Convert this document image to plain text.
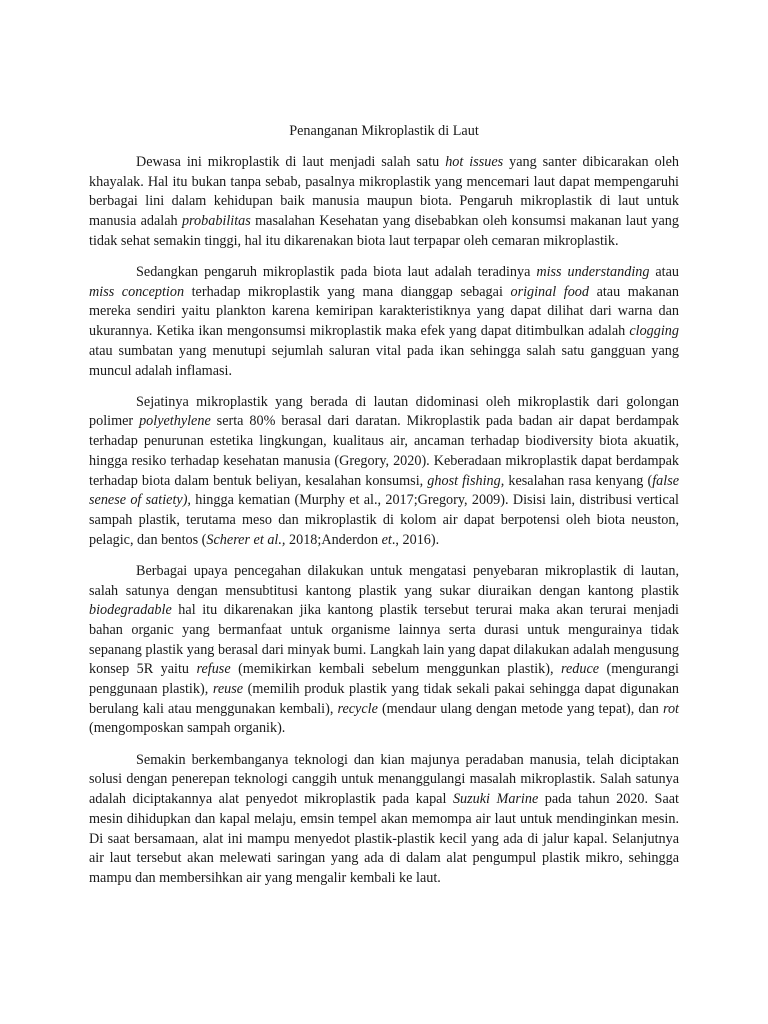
Penanganan Mikroplastik di Laut

Dewasa ini mikroplastik di laut menjadi salah satu hot issues yang santer dibicarakan oleh khayalak. Hal itu bukan tanpa sebab, pasalnya mikroplastik yang mencemari laut dapat mempengaruhi berbagai lini dalam kehidupan baik manusia maupun biota. Pengaruh mikroplastik di laut untuk manusia adalah probabilitas masalahan Kesehatan yang disebabkan oleh konsumsi makanan laut yang tidak sehat semakin tinggi, hal itu dikarenakan biota laut terpapar oleh cemaran mikroplastik.

Sedangkan pengaruh mikroplastik pada biota laut adalah teradinya miss understanding atau miss conception terhadap mikroplastik yang mana dianggap sebagai original food atau makanan mereka sendiri yaitu plankton karena kemiripan karakteristiknya yang dapat dilihat dari warna dan ukurannya. Ketika ikan mengonsumsi mikroplastik maka efek yang dapat ditimbulkan adalah clogging atau sumbatan yang menutupi sejumlah saluran vital pada ikan sehingga salah satu gangguan yang muncul adalah inflamasi.

Sejatinya mikroplastik yang berada di lautan didominasi oleh mikroplastik dari golongan polimer polyethylene serta 80% berasal dari daratan. Mikroplastik pada badan air dapat berdampak terhadap penurunan estetika lingkungan, kualitaus air, ancaman terhadap biodiversity biota akuatik, hingga resiko terhadap kesehatan manusia (Gregory, 2020). Keberadaan mikroplastik dapat berdampak terhadap biota dalam bentuk beliyan, kesalahan konsumsi, ghost fishing, kesalahan rasa kenyang (false senese of satiety), hingga kematian (Murphy et al., 2017;Gregory, 2009). Disisi lain, distribusi vertical sampah plastik, terutama meso dan mikroplastik di kolom air dapat berpotensi oleh biota neuston, pelagic, dan bentos (Scherer et al., 2018;Anderdon et., 2016).

Berbagai upaya pencegahan dilakukan untuk mengatasi penyebaran mikroplastik di lautan, salah satunya dengan mensubtitusi kantong plastik yang sukar diuraikan dengan kantong plastik biodegradable hal itu dikarenakan jika kantong plastik tersebut terurai maka akan terurai menjadi bahan organic yang bermanfaat untuk organisme lainnya serta durasi untuk mengurainya tidak sepanang plastik yang berasal dari minyak bumi. Langkah lain yang dapat dilakukan adalah mengusung konsep 5R yaitu refuse (memikirkan kembali sebelum menggunkan plastik), reduce (mengurangi penggunaan plastik), reuse (memilih produk plastik yang tidak sekali pakai sehingga dapat digunakan berulang kali atau menggunakan kembali), recycle (mendaur ulang dengan metode yang tepat), dan rot (mengomposkan sampah organik).

Semakin berkembanganya teknologi dan kian majunya peradaban manusia, telah diciptakan solusi dengan penerepan teknologi canggih untuk menanggulangi masalah mikroplastik. Salah satunya adalah diciptakannya alat penyedot mikroplastik pada kapal Suzuki Marine pada tahun 2020. Saat mesin dihidupkan dan kapal melaju, emsin tempel akan memompa air laut untuk mendinginkan mesin. Di saat bersamaan, alat ini mampu menyedot plastik-plastik kecil yang ada di jalur kapal. Selanjutnya air laut tersebut akan melewati saringan yang ada di dalam alat pengumpul plastik mikro, sehingga mampu dan membersihkan air yang mengalir kembali ke laut.
